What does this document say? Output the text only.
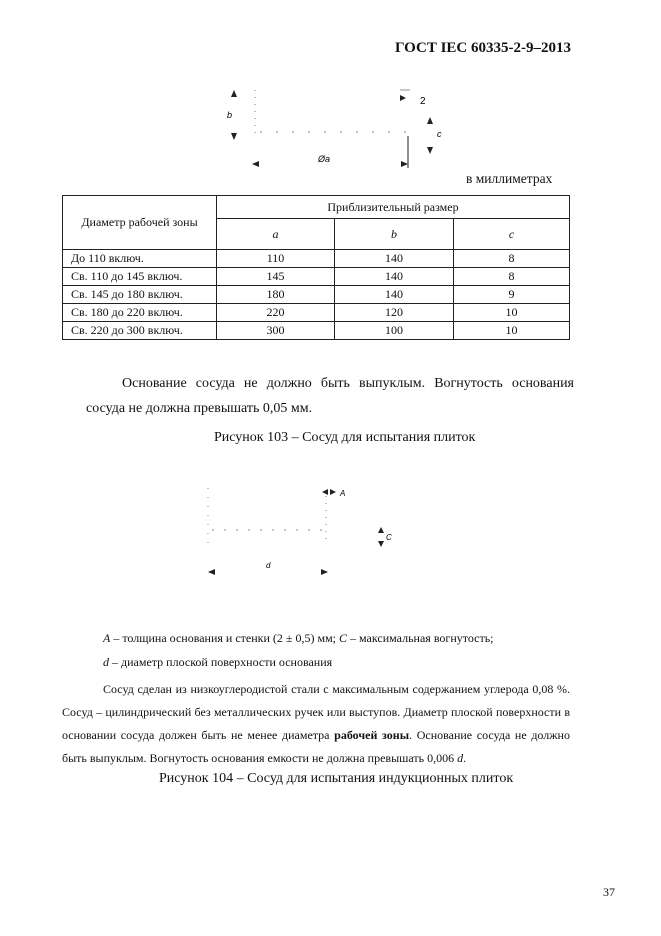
ГОСТ IEC 60335-2-9–2013
b
2
c
Øa
в миллиметрах
Диаметр рабочей зоны	Приблизительный размер		
	a	b	c
До 110 включ.	110	140	8
Св. 110 до 145 включ.	145	140	8
Св. 145 до 180 включ.	180	140	9
Св. 180 до 220 включ.	220	120	10
Св. 220 до 300 включ.	300	100	10
Основание сосуда не должно быть выпуклым. Вогнутость основания сосуда не должна превышать 0,05 мм.
Рисунок 103 – Сосуд для испытания плиток
A
C
d
A – толщина основания и стенки (2 ± 0,5) мм; C – максимальная вогнутость;
d – диаметр плоской поверхности основания
Сосуд сделан из низкоуглеродистой стали с максимальным содержанием углерода 0,08 %. Сосуд – цилиндрический без металлических ручек или выступов. Диаметр плоской поверхности в основании сосуда должен быть не менее диаметра рабочей зоны. Основание сосуда не должно быть выпуклым. Вогнутость основания емкости не должна превышать 0,006 d.
Рисунок 104 – Сосуд для испытания индукционных плиток
37
